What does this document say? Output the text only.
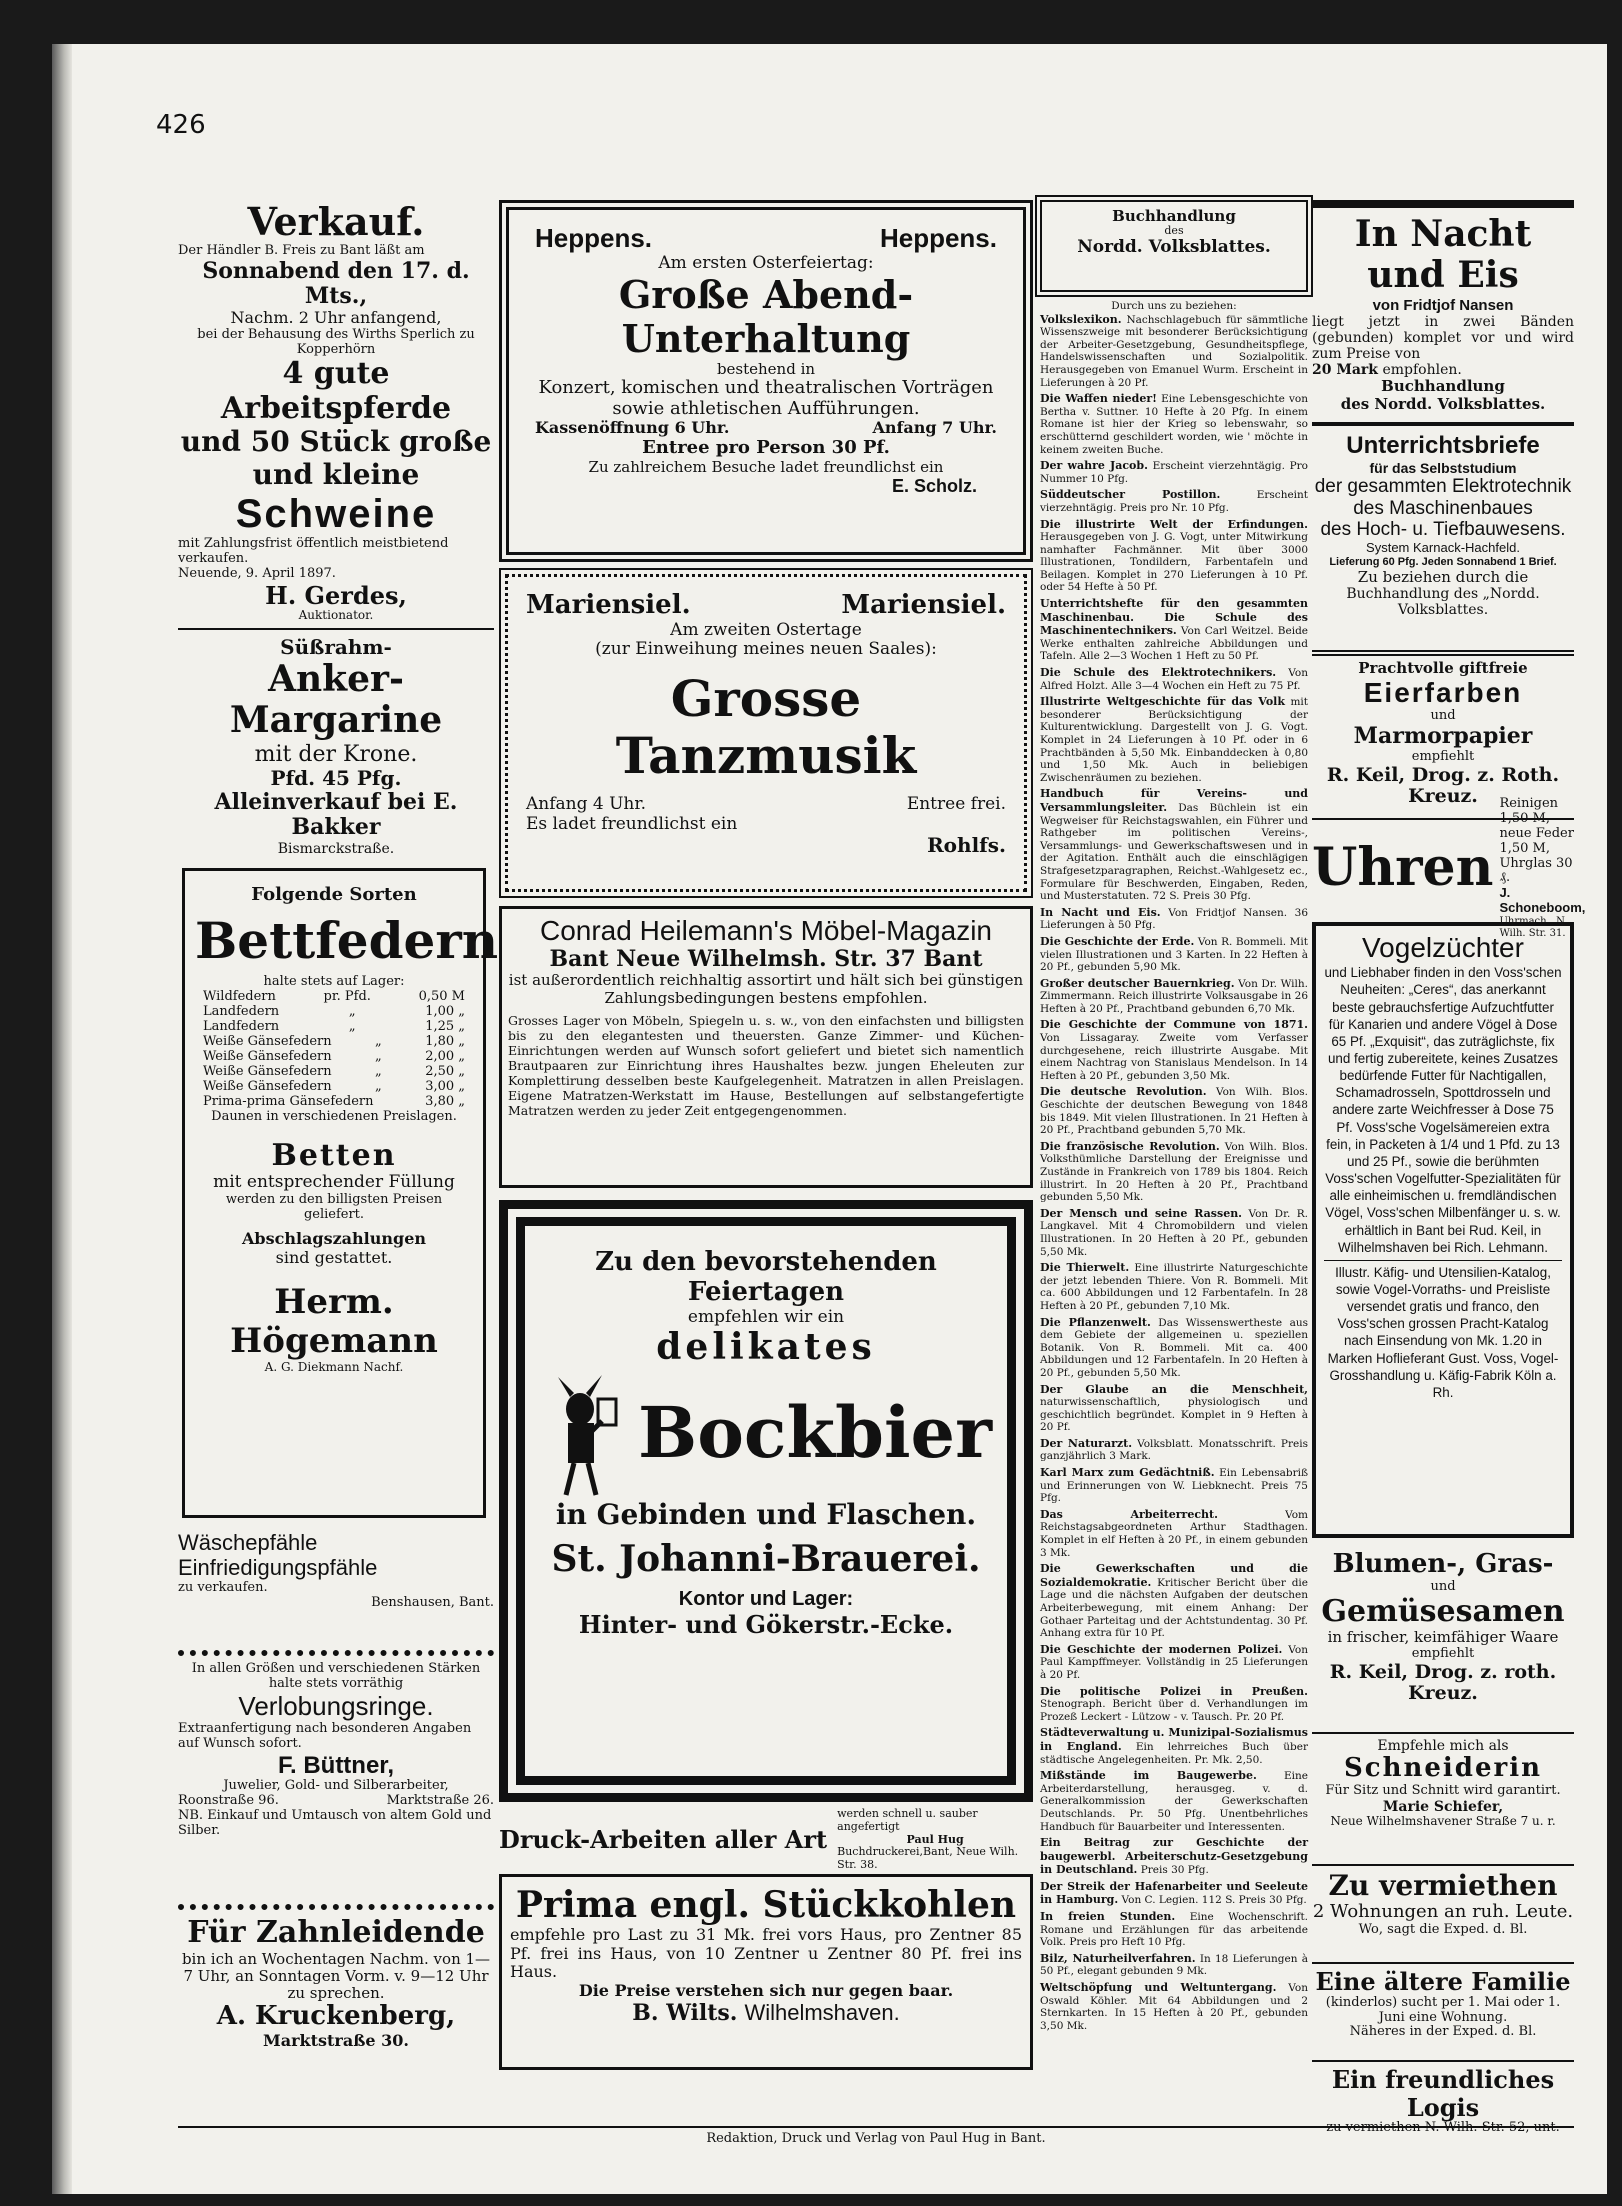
426
Verkauf.
Der Händler B. Freis zu Bant läßt am
Sonnabend den 17. d. Mts.,
Nachm. 2 Uhr anfangend,
bei der Behausung des Wirths Sperlich zu Kopperhörn
4 gute Arbeitspferde
und 50 Stück große
und kleine
Schweine
mit Zahlungsfrist öffentlich meistbietend verkaufen.
Neuende, 9. April 1897.
H. Gerdes,
Auktionator.
Süßrahm-
Anker-Margarine
mit der Krone.
Pfd. 45 Pfg.
Alleinverkauf bei E. Bakker
Bismarckstraße.
Folgende Sorten
Bettfedern
halte stets auf Lager:
Wildfedern	pr. Pfd.	0,50 M
Landfedern	„	1,00 „
Landfedern	„	1,25 „
Weiße Gänsefedern	„	1,80 „
Weiße Gänsefedern	„	2,00 „
Weiße Gänsefedern	„	2,50 „
Weiße Gänsefedern	„	3,00 „
Prima-prima Gänsefedern	3,80 „
Daunen in verschiedenen Preislagen.
Betten
mit entsprechender Füllung
werden zu den billigsten Preisen geliefert.
Abschlagszahlungen
sind gestattet.
Herm. Högemann
A. G. Diekmann Nachf.
Wäschepfähle
Einfriedigungspfähle
zu verkaufen.
Benshausen, Bant.
In allen Größen und verschiedenen Stärken halte stets vorräthig
Verlobungsringe.
Extraanfertigung nach besonderen Angaben auf Wunsch sofort.
F. Büttner,
Juwelier, Gold- und Silberarbeiter,
Roonstraße 96.	Marktstraße 26.
NB. Einkauf und Umtausch von altem Gold und Silber.
Für Zahnleidende
bin ich an Wochentagen Nachm. von 1—7 Uhr, an Sonntagen Vorm. v. 9—12 Uhr zu sprechen.
A. Kruckenberg,
Marktstraße 30.
Heppens.	Heppens.
Am ersten Osterfeiertag:
Große Abend-Unterhaltung
bestehend in
Konzert, komischen und theatralischen Vorträgen
sowie athletischen Aufführungen.
Kassenöffnung 6 Uhr.	Anfang 7 Uhr.
Entree pro Person 30 Pf.
Zu zahlreichem Besuche ladet freundlichst ein
E. Scholz.
Mariensiel.	Mariensiel.
Am zweiten Ostertage
(zur Einweihung meines neuen Saales):
Grosse Tanzmusik
Anfang 4 Uhr.	Entree frei.
Es ladet freundlichst ein
Rohlfs.
Conrad Heilemann's Möbel-Magazin
Bant Neue Wilhelmsh. Str. 37 Bant
ist außerordentlich reichhaltig assortirt und hält sich bei günstigen Zahlungsbedingungen bestens empfohlen.
Grosses Lager von Möbeln, Spiegeln u. s. w., von den einfachsten und billigsten bis zu den elegantesten und theuersten. Ganze Zimmer- und Küchen-Einrichtungen werden auf Wunsch sofort geliefert und bietet sich namentlich Brautpaaren zur Einrichtung ihres Haushaltes bezw. jungen Eheleuten zur Komplettirung desselben beste Kaufgelegenheit. Matratzen in allen Preislagen. Eigene Matratzen-Werkstatt im Hause, Bestellungen auf selbstangefertigte Matratzen werden zu jeder Zeit entgegengenommen.
Zu den bevorstehenden Feiertagen
empfehlen wir ein
delikates
Bockbier
in Gebinden und Flaschen.
St. Johanni-Brauerei.
Kontor und Lager:
Hinter- und Gökerstr.-Ecke.
Druck-Arbeiten aller Art
werden schnell u. sauber angefertigt
Paul Hug
Buchdruckerei,Bant, Neue Wilh. Str. 38.
Prima engl. Stückkohlen
empfehle pro Last zu 31 Mk. frei vors Haus, pro Zentner 85 Pf. frei ins Haus, von 10 Zentner u Zentner 80 Pf. frei ins Haus.
Die Preise verstehen sich nur gegen baar.
B. Wilts. Wilhelmshaven.
Buchhandlung
des
Nordd. Volksblattes.
Durch uns zu beziehen:
Volkslexikon. Nachschlagebuch für sämmtliche Wissenszweige mit besonderer Berücksichtigung der Arbeiter-Gesetzgebung, Gesundheitspflege, Handelswissenschaften und Sozialpolitik. Herausgegeben von Emanuel Wurm. Erscheint in Lieferungen à 20 Pf.
Die Waffen nieder! Eine Lebensgeschichte von Bertha v. Suttner. 10 Hefte à 20 Pfg. In einem Romane ist hier der Krieg so lebenswahr, so erschütternd geschildert worden, wie ' möchte in keinem zweiten Buche.
Der wahre Jacob. Erscheint vierzehntägig. Pro Nummer 10 Pfg.
Süddeutscher Postillon.	Erscheint vierzehntägig. Preis pro Nr. 10 Pfg.
Die illustrirte Welt der Erfindungen. Herausgegeben von J. G. Vogt, unter Mitwirkung namhafter Fachmänner. Mit über 3000 Illustrationen, Tondildern, Farbentafeln und Beilagen. Komplet in 270 Lieferungen à 10 Pf. oder 54 Hefte à 50 Pf.
Unterrichtshefte für den gesammten Maschinenbau. Die Schule des Maschinentechnikers. Von Carl Weitzel. Beide Werke enthalten zahlreiche Abbildungen und Tafeln. Alle 2—3 Wochen 1 Heft zu 50 Pf.
Die Schule des Elektrotechnikers. Von Alfred Holzt. Alle 3—4 Wochen ein Heft zu 75 Pf.
Illustrirte Weltgeschichte für das Volk mit besonderer Berücksichtigung der Kulturentwicklung. Dargestellt von J. G. Vogt. Komplet in 24 Lieferungen à 10 Pf. oder in 6 Prachtbänden à 5,50 Mk. Einbanddecken à 0,80 und 1,50 Mk. Auch in beliebigen Zwischenräumen zu beziehen.
Handbuch für Vereins- und Versammlungsleiter. Das Büchlein ist ein Wegweiser für Reichstagswahlen, ein Führer und Rathgeber im politischen Vereins-, Versammlungs- und Gewerkschaftswesen und in der Agitation. Enthält auch die einschlägigen Strafgesetzparagraphen, Reichst.-Wahlgesetz ec., Formulare für Beschwerden, Eingaben, Reden, und Musterstatuten. 72 S. Preis 30 Pfg.
In Nacht und Eis. Von Fridtjof Nansen. 36 Lieferungen à 50 Pfg.
Die Geschichte der Erde. Von R. Bommeli. Mit vielen Illustrationen und 3 Karten. In 22 Heften à 20 Pf., gebunden 5,90 Mk.
Großer deutscher Bauernkrieg. Von Dr. Wilh. Zimmermann. Reich illustrirte Volksausgabe in 26 Heften à 20 Pf., Prachtband gebunden 6,70 Mk.
Die Geschichte der Commune von 1871. Von Lissagaray. Zweite vom Verfasser durchgesehene, reich illustrirte Ausgabe. Mit einem Nachtrag von Stanislaus Mendelson. In 14 Heften à 20 Pf., gebunden 3,50 Mk.
Die deutsche Revolution. Von Wilh. Blos. Geschichte der deutschen Bewegung von 1848 bis 1849. Mit vielen Illustrationen. In 21 Heften à 20 Pf., Prachtband gebunden 5,70 Mk.
Die französische Revolution. Von Wilh. Blos. Volksthümliche Darstellung der Ereignisse und Zustände in Frankreich von 1789 bis 1804. Reich illustrirt. In 20 Heften à 20 Pf., Prachtband gebunden 5,50 Mk.
Der Mensch und seine Rassen. Von Dr. R. Langkavel. Mit 4 Chromobildern und vielen Illustrationen. In 20 Heften à 20 Pf., gebunden 5,50 Mk.
Die Thierwelt. Eine illustrirte Naturgeschichte der jetzt lebenden Thiere. Von R. Bommeli. Mit ca. 600 Abbildungen und 12 Farbentafeln. In 28 Heften à 20 Pf., gebunden 7,10 Mk.
Die Pflanzenwelt. Das Wissenswertheste aus dem Gebiete der allgemeinen u. speziellen Botanik. Von R. Bommeli. Mit ca. 400 Abbildungen und 12 Farbentafeln. In 20 Heften à 20 Pf., gebunden 5,50 Mk.
Der Glaube an die Menschheit, naturwissenschaftlich, physiologisch und geschichtlich begründet. Komplet in 9 Heften à 20 Pf.
Der Naturarzt. Volksblatt. Monatsschrift. Preis ganzjährlich 3 Mark.
Karl Marx zum Gedächtniß. Ein Lebensabriß und Erinnerungen von W. Liebknecht. Preis 75 Pfg.
Das Arbeiterrecht.	Vom Reichstagsabgeordneten Arthur Stadthagen. Komplet in elf Heften à 20 Pf., in einem gebunden 3 Mk.
Die Gewerkschaften und die Sozialdemokratie. Kritischer Bericht über die Lage und die nächsten Aufgaben der deutschen Arbeiterbewegung, mit einem Anhang: Der Gothaer Parteitag und der Achtstundentag. 30 Pf. Anhang extra für 10 Pf.
Die Geschichte der modernen Polizei. Von Paul Kampffmeyer. Vollständig in 25 Lieferungen à 20 Pf.
Die politische Polizei in Preußen. Stenograph. Bericht über d. Verhandlungen im Prozeß Leckert - Lützow - v. Tausch. Pr. 20 Pf.
Städteverwaltung u. Munizipal-Sozialismus in England. Ein lehrreiches Buch über städtische Angelegenheiten. Pr. Mk. 2,50.
Mißstände im Baugewerbe.	Eine Arbeiterdarstellung, herausgeg. v. d. Generalkommission der Gewerkschaften Deutschlands. Pr. 50 Pfg. Unentbehrliches Handbuch für Bauarbeiter und Interessenten.
Ein Beitrag zur Geschichte der baugewerbl. Arbeiterschutz-Gesetzgebung in Deutschland. Preis 30 Pfg.
Der Streik der Hafenarbeiter und Seeleute in Hamburg. Von C. Legien. 112 S. Preis 30 Pfg.
In freien Stunden. Eine Wochenschrift. Romane und Erzählungen für das arbeitende Volk. Preis pro Heft 10 Pfg.
Bilz, Naturheilverfahren. In 18 Lieferungen à 50 Pf., elegant gebunden 9 Mk.
Weltschöpfung und Weltuntergang. Von Oswald Köhler. Mit 64 Abbildungen und 2 Sternkarten. In 15 Heften à 20 Pf., gebunden 3,50 Mk.
In Nacht und Eis
von Fridtjof Nansen
liegt jetzt in zwei Bänden (gebunden) komplet vor und wird zum Preise von
20 Mark empfohlen.
Buchhandlung
des Nordd. Volksblattes.
Unterrichtsbriefe
für das Selbststudium
der gesammten Elektrotechnik
des Maschinenbaues
des Hoch- u. Tiefbauwesens.
System Karnack-Hachfeld.
Lieferung 60 Pfg. Jeden Sonnabend 1 Brief.
Zu beziehen durch die
Buchhandlung des „Nordd. Volksblattes.
Prachtvolle giftfreie
Eierfarben
und
Marmorpapier
empfiehlt
R. Keil, Drog. z. Roth. Kreuz.
Uhren
Reinigen 1,50 M,
neue Feder 1,50 M,
Uhrglas 30 ₰.
J. Schoneboom,
Uhrmach., N. Wilh. Str. 31.
Vogelzüchter
und Liebhaber finden in den Voss'schen Neuheiten: „Ceres“, das anerkannt beste gebrauchsfertige Aufzuchtfutter für Kanarien und andere Vögel à Dose 65 Pf. „Exquisit“, das zuträglichste, fix und fertig zubereitete, keines Zusatzes bedürfende Futter für Nachtigallen, Schamadrosseln, Spottdrosseln und andere zarte Weichfresser à Dose 75 Pf. Voss'sche Vogelsämereien extra fein, in Packeten à 1/4 und 1 Pfd. zu 13 und 25 Pf., sowie die berühmten Voss'schen Vogelfutter-Spezialitäten für alle einheimischen u. fremdländischen Vögel, Voss'schen Milbenfänger u. s. w. erhältlich in Bant bei Rud. Keil, in Wilhelmshaven bei Rich. Lehmann.
Illustr. Käfig- und Utensilien-Katalog, sowie Vogel-Vorraths- und Preisliste versendet gratis und franco, den Voss'schen grossen Pracht-Katalog nach Einsendung von Mk. 1.20 in Marken Hoflieferant Gust. Voss, Vogel-Grosshandlung u. Käfig-Fabrik Köln a. Rh.
Blumen-, Gras-
und
Gemüsesamen
in frischer, keimfähiger Waare
empfiehlt
R. Keil, Drog. z. roth. Kreuz.
Empfehle mich als
Schneiderin
Für Sitz und Schnitt wird garantirt.
Marie Schiefer,
Neue Wilhelmshavener Straße 7 u. r.
Zu vermiethen
2 Wohnungen an ruh. Leute.
Wo, sagt die Exped. d. Bl.
Eine ältere Familie
(kinderlos) sucht per 1. Mai oder 1. Juni eine Wohnung.
Näheres in der Exped. d. Bl.
Ein freundliches Logis
zu vermiethen N. Wilh. Str. 52, unt.
Redaktion, Druck und Verlag von Paul Hug in Bant.
